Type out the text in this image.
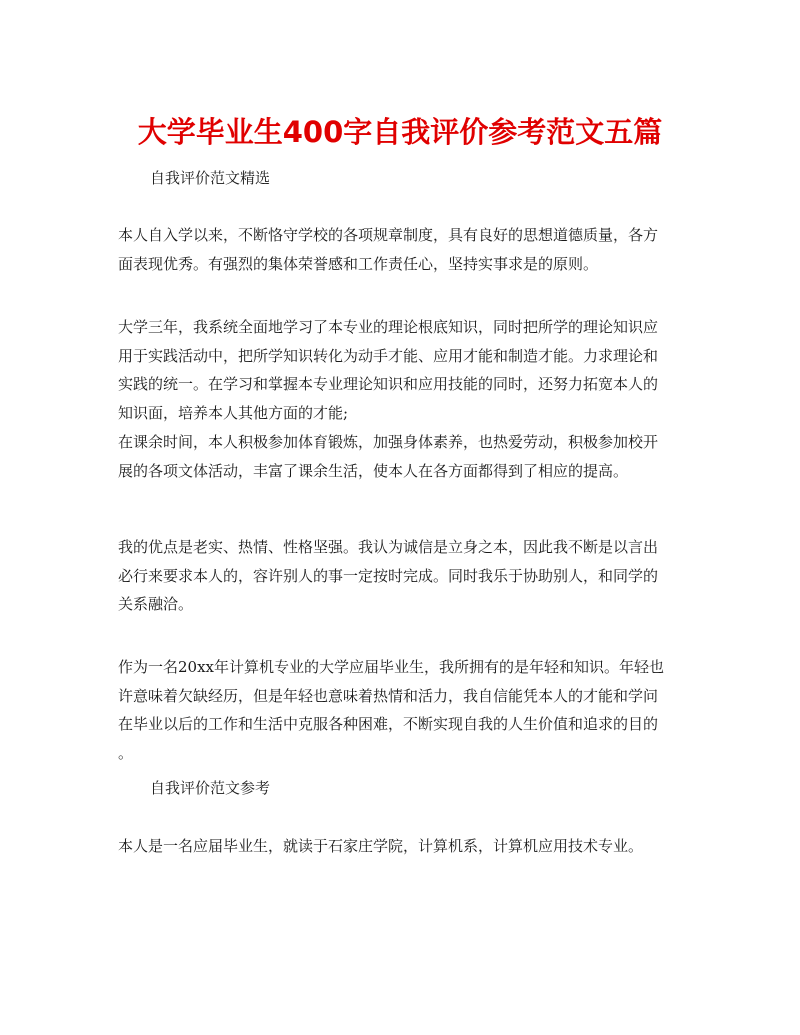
大学毕业生400字自我评价参考范文五篇
自我评价范文精选
本人自入学以来，不断恪守学校的各项规章制度，具有良好的思想道德质量，各方
面表现优秀。有强烈的集体荣誉感和工作责任心，坚持实事求是的原则。
大学三年，我系统全面地学习了本专业的理论根底知识，同时把所学的理论知识应
用于实践活动中，把所学知识转化为动手才能、应用才能和制造才能。力求理论和
实践的统一。在学习和掌握本专业理论知识和应用技能的同时，还努力拓宽本人的
知识面，培养本人其他方面的才能;
在课余时间，本人积极参加体育锻炼，加强身体素养，也热爱劳动，积极参加校开
展的各项文体活动，丰富了课余生活，使本人在各方面都得到了相应的提高。
我的优点是老实、热情、性格坚强。我认为诚信是立身之本，因此我不断是以言出
必行来要求本人的，容许别人的事一定按时完成。同时我乐于协助别人，和同学的
关系融洽。
作为一名20xx年计算机专业的大学应届毕业生，我所拥有的是年轻和知识。年轻也
许意味着欠缺经历，但是年轻也意味着热情和活力，我自信能凭本人的才能和学问
在毕业以后的工作和生活中克服各种困难，不断实现自我的人生价值和追求的目的
。
自我评价范文参考
本人是一名应届毕业生，就读于石家庄学院，计算机系，计算机应用技术专业。
